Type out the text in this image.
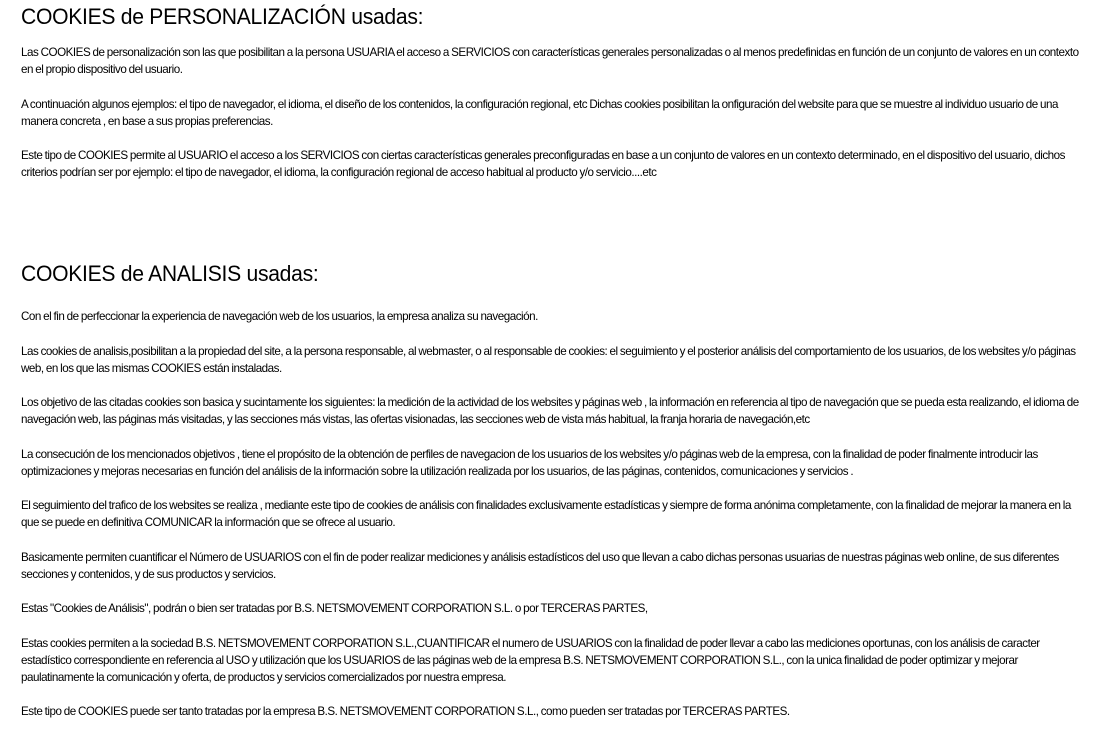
COOKIES de PERSONALIZACIÓN usadas:

Las COOKIES de personalización son las que posibilitan a la persona USUARIA el acceso a SERVICIOS con características generales personalizadas o al menos predefinidas en función de un conjunto de valores en un contexto en el propio dispositivo del usuario.

A continuación algunos ejemplos: el tipo de navegador, el idioma, el diseño de los contenidos, la configuración regional, etc Dichas cookies posibilitan la onfiguración del website para que se muestre al individuo usuario de una manera concreta , en base a sus propias preferencias.

Este tipo de COOKIES permite al USUARIO el acceso a los SERVICIOS con ciertas características generales preconfiguradas en base a un conjunto de valores en un contexto determinado, en el dispositivo del usuario, dichos criterios podrían ser por ejemplo: el tipo de navegador, el idioma, la configuración regional de acceso habitual al producto y/o servicio....etc

COOKIES de ANALISIS usadas:

Con el fin de perfeccionar la experiencia de navegación web de los usuarios, la empresa analiza su navegación.

Las cookies de analisis,posibilitan a la propiedad del site, a la persona responsable, al webmaster, o al responsable de cookies: el seguimiento y el posterior análisis del comportamiento de los usuarios, de los websites y/o páginas web, en los que las mismas COOKIES están instaladas.

Los objetivo de las citadas cookies son basica y sucintamente los siguientes: la medición de la actividad de los websites y páginas web , la información en referencia al tipo de navegación que se pueda esta realizando, el idioma de navegación web, las páginas más visitadas, y las secciones más vistas, las ofertas visionadas, las secciones web de vista más habitual, la franja horaria de navegación,etc

La consecución de los mencionados objetivos , tiene el propósito de la obtención de perfiles de navegacion de los usuarios de los websites y/o páginas web de la empresa, con la finalidad de poder finalmente introducir las optimizaciones y mejoras necesarias en función del análisis de la información sobre la utilización realizada por los usuarios, de las páginas, contenidos, comunicaciones y servicios .

El seguimiento del trafico de los websites se realiza , mediante este tipo de cookies de análisis con finalidades exclusivamente estadísticas y siempre de forma anónima completamente, con la finalidad de mejorar la manera en la que se puede en definitiva COMUNICAR la información que se ofrece al usuario.

Basicamente permiten cuantificar el Número de USUARIOS con el fin de poder realizar mediciones y análisis estadísticos del uso que llevan a cabo dichas personas usuarias de nuestras páginas web online, de sus diferentes secciones y contenidos, y de sus productos y servicios.

Estas "Cookies de Análisis", podrán o bien ser tratadas por B.S. NETSMOVEMENT CORPORATION S.L. o por TERCERAS PARTES,

Estas cookies permiten a la sociedad B.S. NETSMOVEMENT CORPORATION S.L.,CUANTIFICAR el numero de USUARIOS con la finalidad de poder llevar a cabo las mediciones oportunas, con los análisis de caracter estadístico correspondiente en referencia al USO y utilización que los USUARIOS de las páginas web de la empresa B.S. NETSMOVEMENT CORPORATION S.L., con la unica finalidad de poder optimizar y mejorar paulatinamente la comunicación y oferta, de productos y servicios comercializados por nuestra empresa.

Este tipo de COOKIES puede ser tanto tratadas por la empresa B.S. NETSMOVEMENT CORPORATION S.L., como pueden ser tratadas por TERCERAS PARTES.
